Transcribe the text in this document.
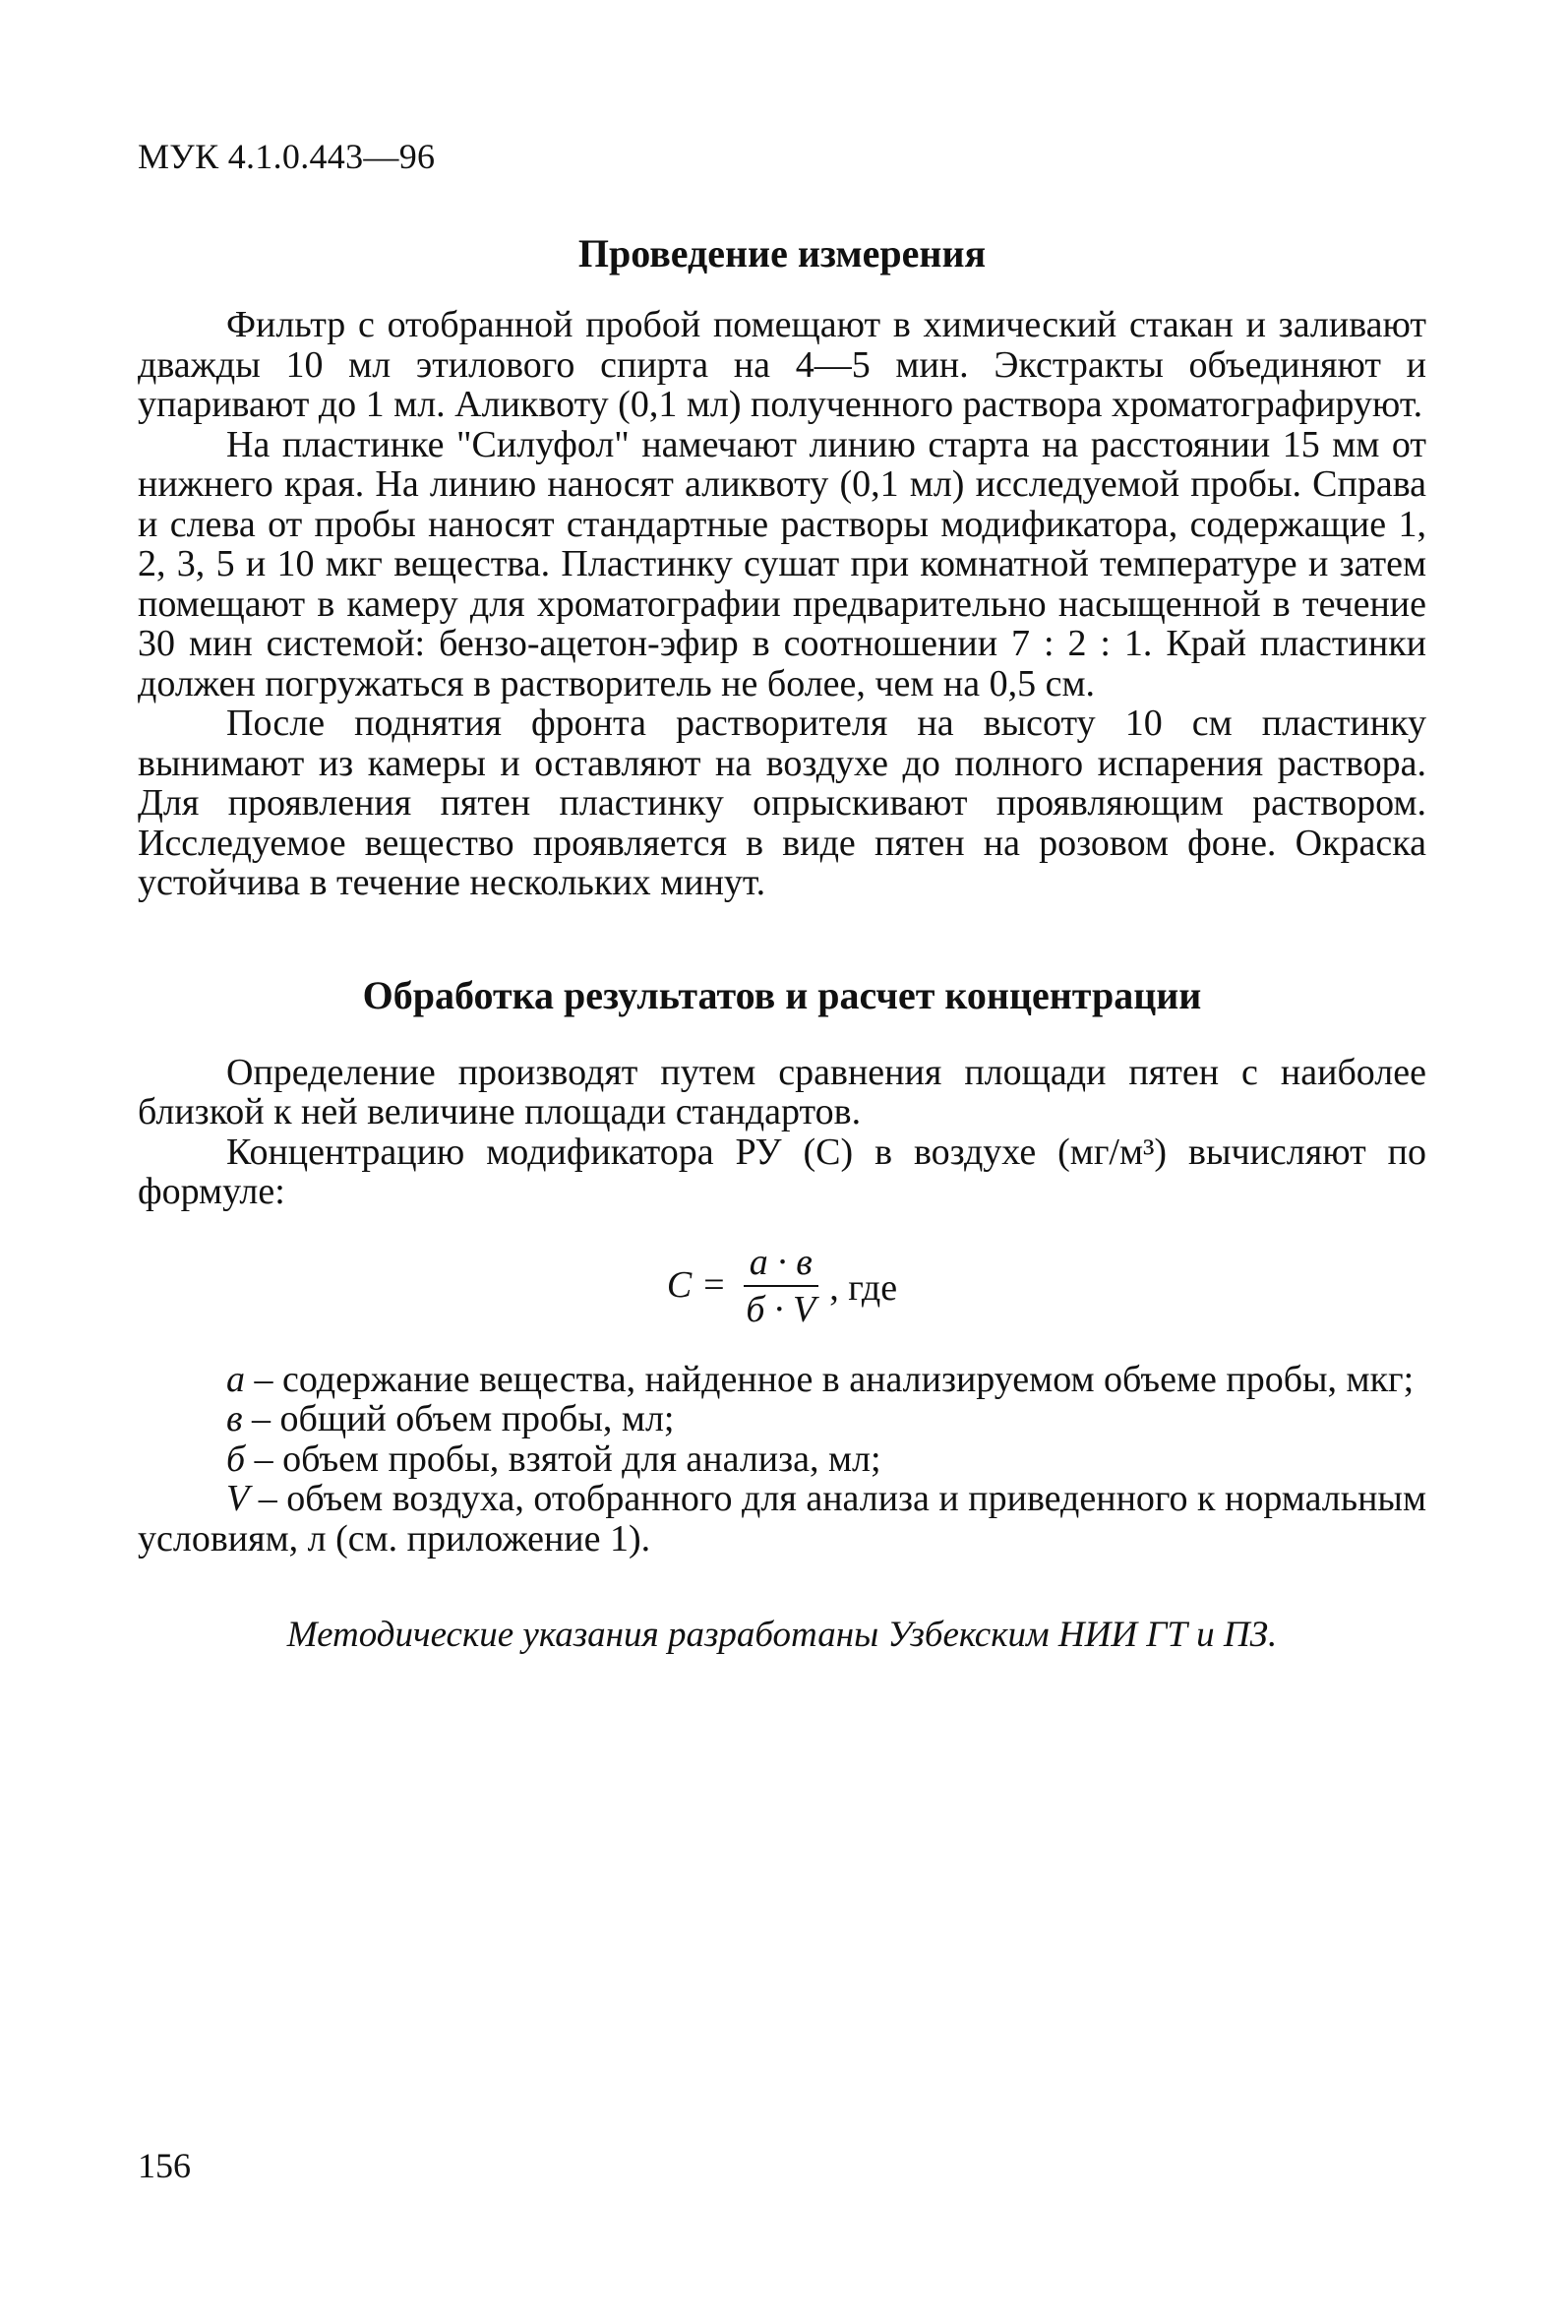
МУК 4.1.0.443—96
Проведение измерения

Фильтр с отобранной пробой помещают в химический стакан и заливают дважды 10 мл этилового спирта на 4—5 мин. Экстракты объединяют и упаривают до 1 мл. Аликвоту (0,1 мл) полученного раствора хроматографируют.

На пластинке "Силуфол" намечают линию старта на расстоянии 15 мм от нижнего края. На линию наносят аликвоту (0,1 мл) исследуемой пробы. Справа и слева от пробы наносят стандартные растворы модификатора, содержащие 1, 2, 3, 5 и 10 мкг вещества. Пластинку сушат при комнатной температуре и затем помещают в камеру для хроматографии предварительно насыщенной в течение 30 мин системой: бензо-ацетон-эфир в соотношении 7 : 2 : 1. Край пластинки должен погружаться в растворитель не более, чем на 0,5 см.

После поднятия фронта растворителя на высоту 10 см пластинку вынимают из камеры и оставляют на воздухе до полного испарения раствора. Для проявления пятен пластинку опрыскивают проявляющим раствором. Исследуемое вещество проявляется в виде пятен на розовом фоне. Окраска устойчива в течение нескольких минут.

Обработка результатов и расчет концентрации

Определение производят путем сравнения площади пятен с наиболее близкой к ней величине площади стандартов.

Концентрацию модификатора РУ (С) в воздухе (мг/м³) вычисляют по формуле:

$С = \frac{а \cdot в}{б \cdot V}$ , где

а – содержание вещества, найденное в анализируемом объеме пробы, мкг;

в – общий объем пробы, мл;

б – объем пробы, взятой для анализа, мл;

V – объем воздуха, отобранного для анализа и приведенного к нормальным условиям, л (см. приложение 1).

Методические указания разработаны Узбекским НИИ ГТ и ПЗ.
156
